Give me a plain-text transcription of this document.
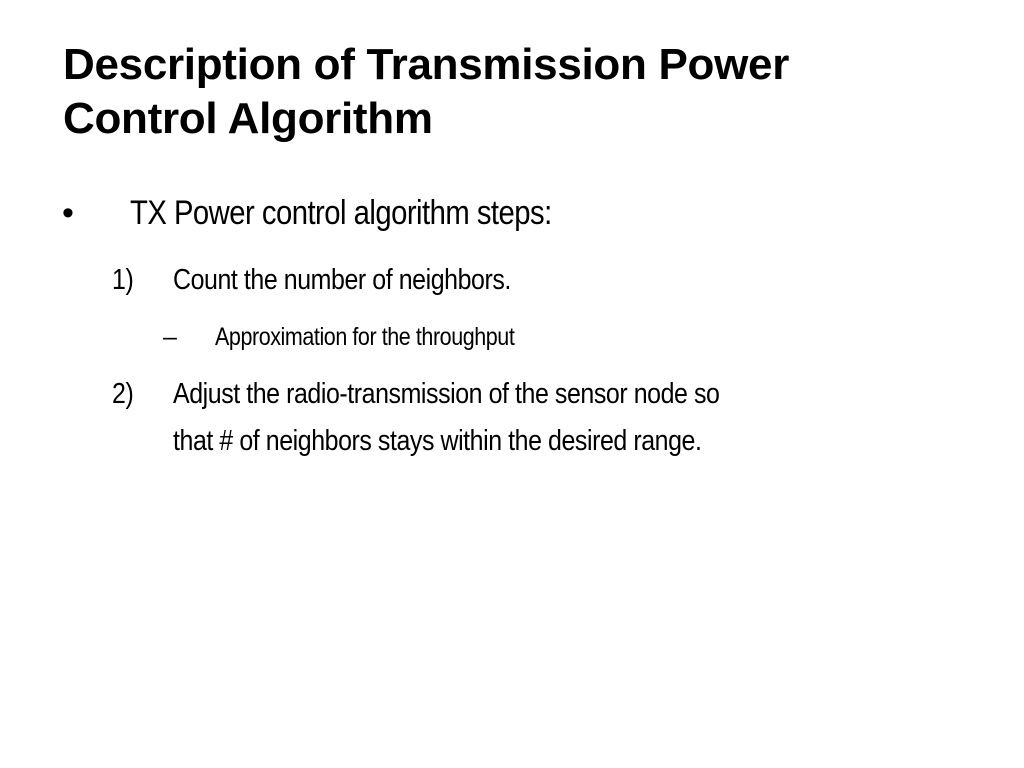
Description of Transmission Power
Control Algorithm
• TX Power control algorithm steps:
1) Count the number of neighbors.
– Approximation for the throughput
2) Adjust the radio-transmission of the sensor node so
that # of neighbors stays within the desired range.
